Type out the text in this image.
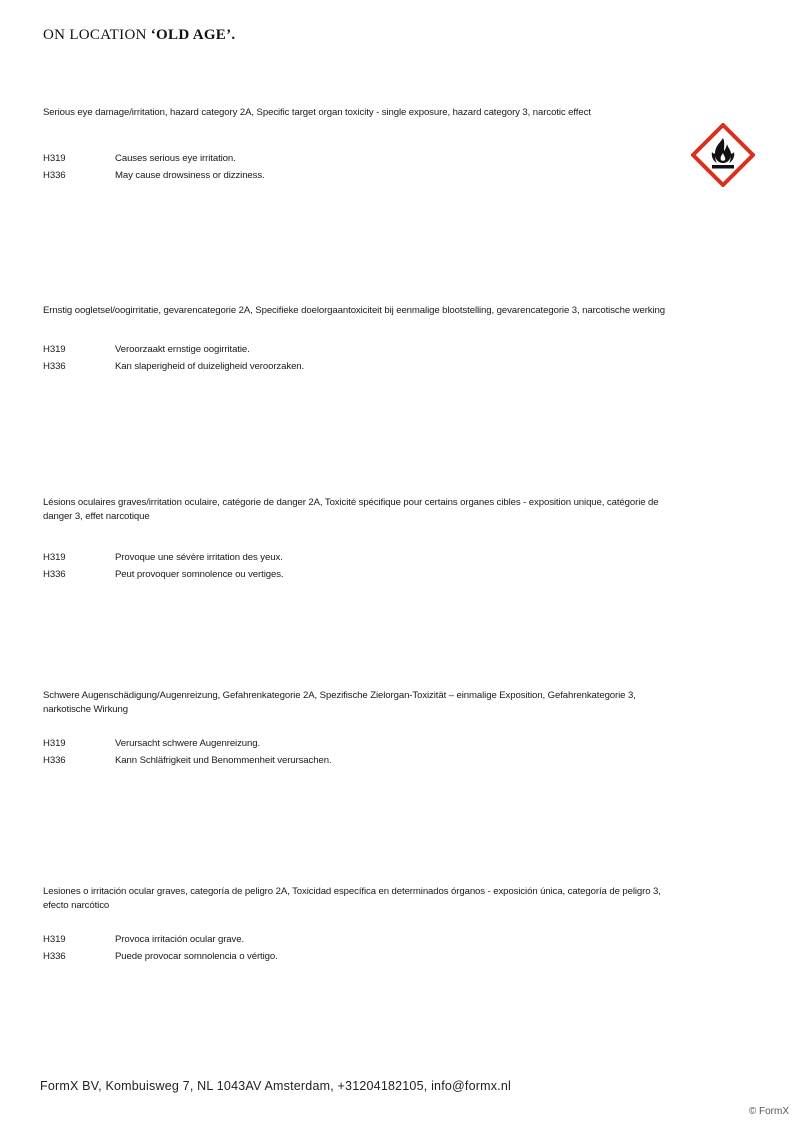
ON LOCATION ‘OLD AGE’.
Serious eye damage/irritation, hazard category 2A, Specific target organ toxicity - single exposure, hazard category 3, narcotic effect
H319	Causes serious eye irritation.
H336	May cause drowsiness or dizziness.
Ernstig oogletsel/oogirritatie, gevarencategorie 2A, Specifieke doelorgaantoxiciteit bij eenmalige blootstelling, gevarencategorie 3, narcotische werking
H319	Veroorzaakt ernstige oogirritatie.
H336	Kan slaperigheid of duizeligheid veroorzaken.
Lésions oculaires graves/irritation oculaire, catégorie de danger 2A, Toxicité spécifique pour certains organes cibles - exposition unique, catégorie de danger 3, effet narcotique
H319	Provoque une sévère irritation des yeux.
H336	Peut provoquer somnolence ou vertiges.
Schwere Augenschädigung/Augenreizung, Gefahrenkategorie 2A, Spezifische Zielorgan-Toxizität – einmalige Exposition, Gefahrenkategorie 3, narkotische Wirkung
H319	Verursacht schwere Augenreizung.
H336	Kann Schläfrigkeit und Benommenheit verursachen.
Lesiones o irritación ocular graves, categoría de peligro 2A, Toxicidad específica en determinados órganos - exposición única, categoría de peligro 3, efecto narcótico
H319	Provoca irritación ocular grave.
H336	Puede provocar somnolencia o vértigo.
FormX BV, Kombuisweg 7, NL 1043AV Amsterdam, +31204182105, info@formx.nl
© FormX
